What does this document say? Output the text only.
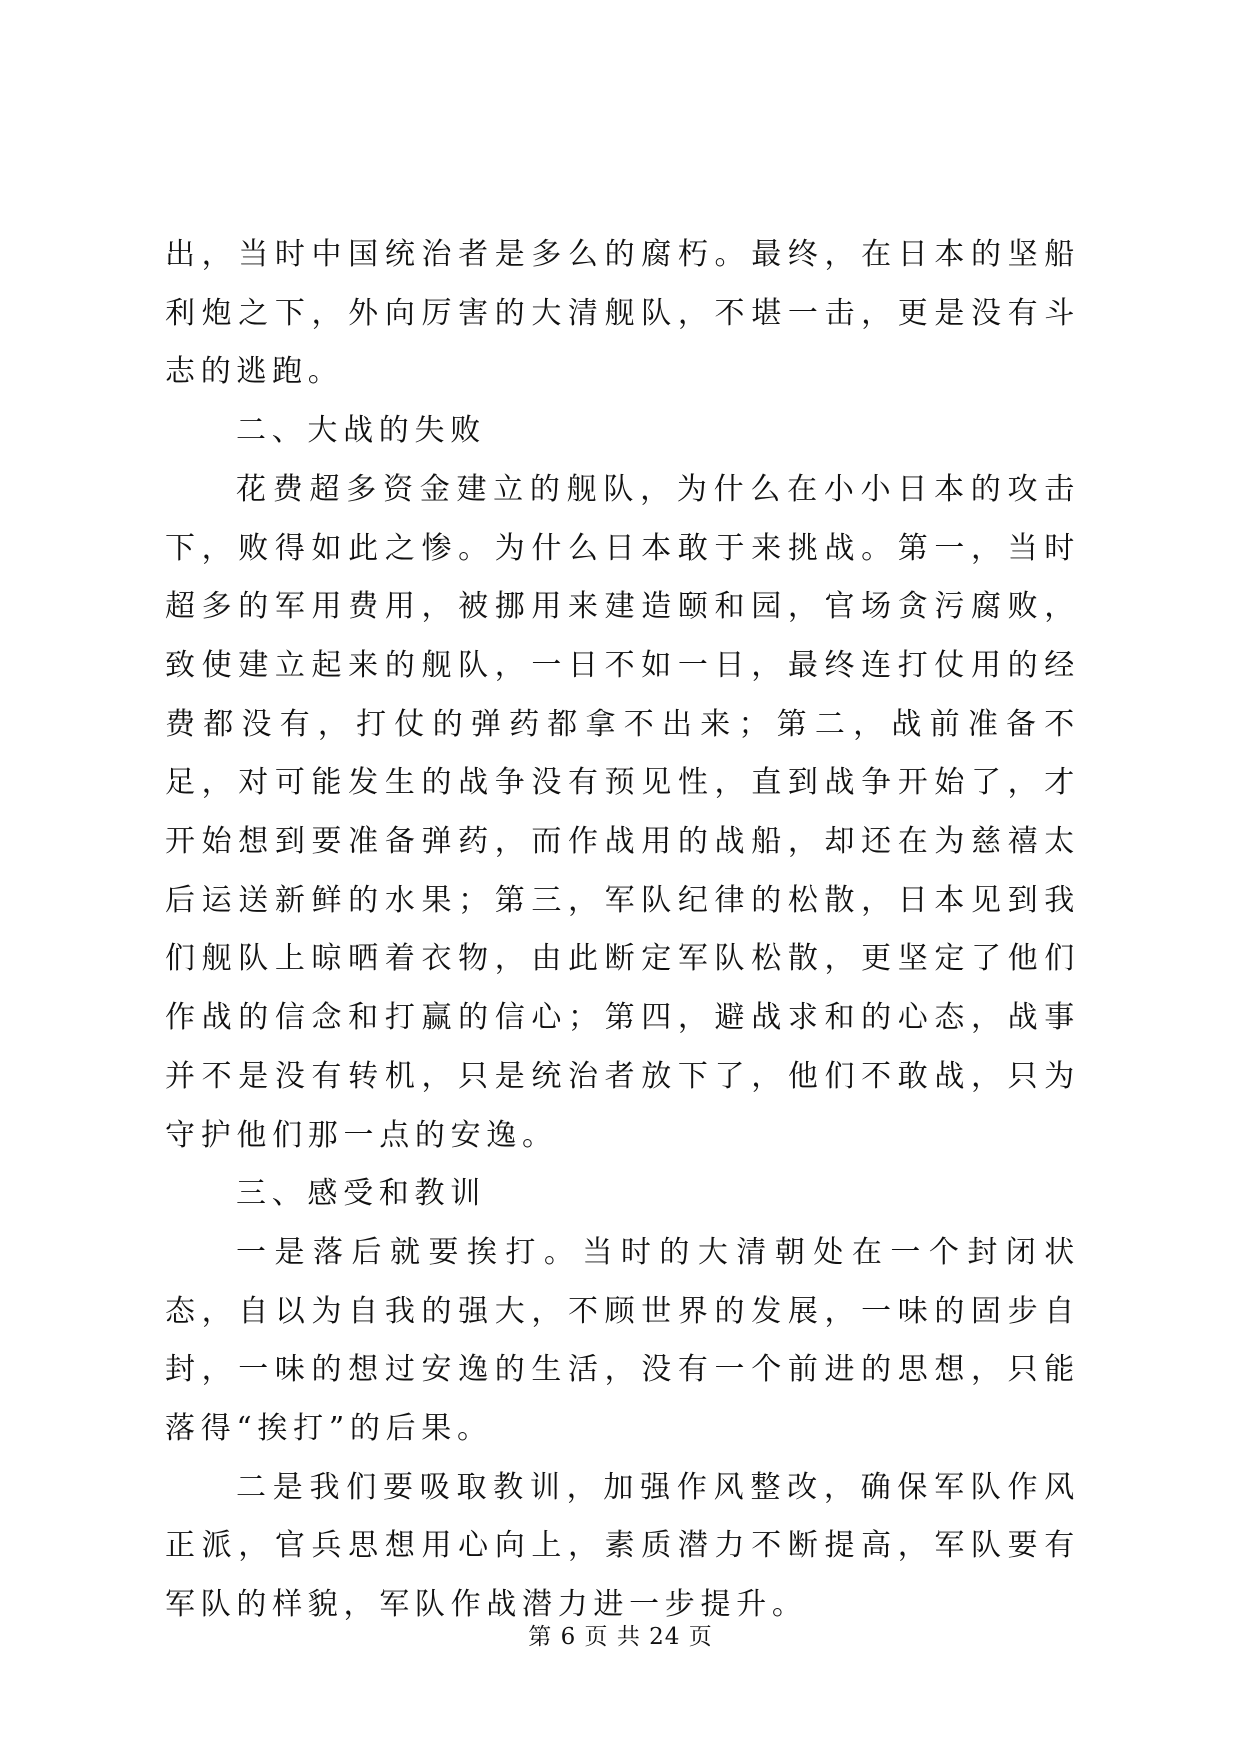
出，当时中国统治者是多么的腐朽。最终，在日本的坚船利炮之下，外向厉害的大清舰队，不堪一击，更是没有斗志的逃跑。

二、大战的失败

花费超多资金建立的舰队，为什么在小小日本的攻击下，败得如此之惨。为什么日本敢于来挑战。第一，当时超多的军用费用，被挪用来建造颐和园，官场贪污腐败，致使建立起来的舰队，一日不如一日，最终连打仗用的经费都没有，打仗的弹药都拿不出来；第二，战前准备不足，对可能发生的战争没有预见性，直到战争开始了，才开始想到要准备弹药，而作战用的战船，却还在为慈禧太后运送新鲜的水果；第三，军队纪律的松散，日本见到我们舰队上晾晒着衣物，由此断定军队松散，更坚定了他们作战的信念和打赢的信心；第四，避战求和的心态，战事并不是没有转机，只是统治者放下了，他们不敢战，只为守护他们那一点的安逸。

三、感受和教训

一是落后就要挨打。当时的大清朝处在一个封闭状态，自以为自我的强大，不顾世界的发展，一味的固步自封，一味的想过安逸的生活，没有一个前进的思想，只能落得“挨打”的后果。

二是我们要吸取教训，加强作风整改，确保军队作风正派，官兵思想用心向上，素质潜力不断提高，军队要有军队的样貌，军队作战潜力进一步提升。

第 6 页 共 24 页
